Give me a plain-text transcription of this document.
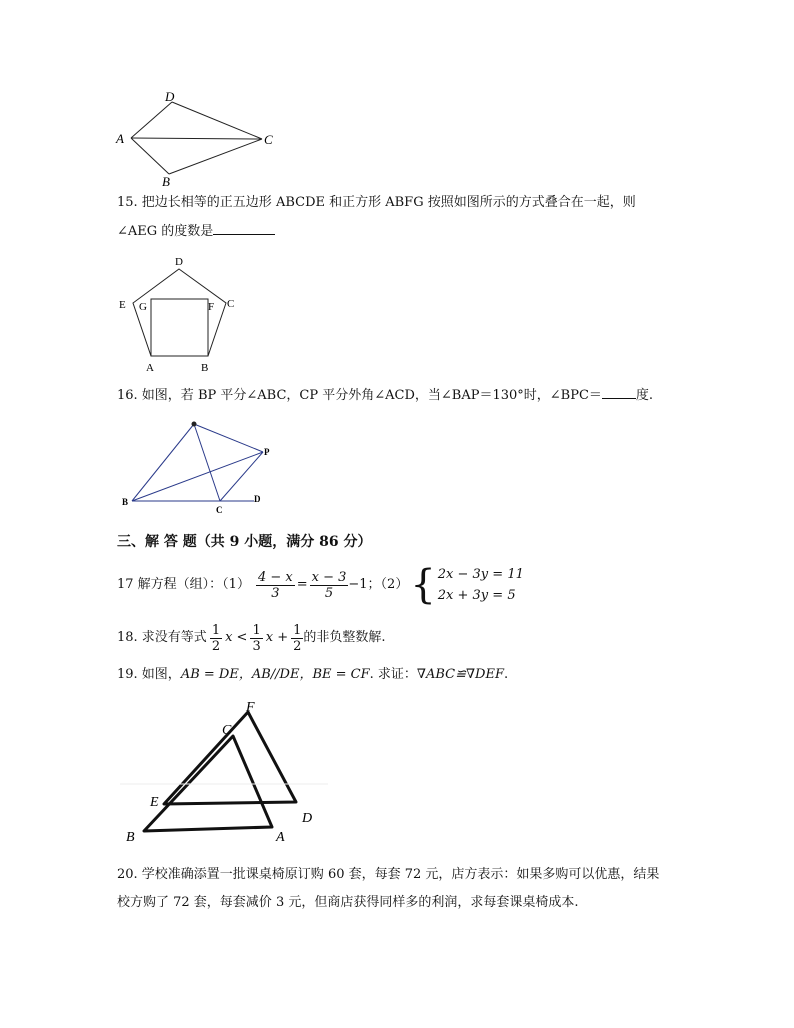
D
A	C
B
15. 把边长相等的正五边形 ABCDE 和正方形 ABFG 按照如图所示的方式叠合在一起，则
∠AEG 的度数是
D
E G	F C
A	B
16. 如图，若 BP 平分∠ABC，CP 平分外角∠ACD，当∠BAP＝130°时，∠BPC＝	度.
B
C
D
P
三、解 答 题（共 9 小题，满分 86 分）
17 解方程（组）：$(1) \frac{4 - x}{3} = \frac{x - 3}{5} -1$；（2） { 2x − 3y = 11
2x + 3y = 5
18. 求没有等式 $\frac{1}{2}$ $x < \frac{1}{3}$ $x + \frac{1}{2}$ 的非负整数解.
19. 如图，AB = DE，AB//DE，BE = CF. 求证：∇ABC≌∇DEF.
F
C
E
D
B	A
20. 学校准确添置一批课桌椅原订购 60 套，每套 72 元，店方表示：如果多购可以优惠，结果
校方购了 72 套，每套减价 3 元，但商店获得同样多的利润，求每套课桌椅成本.
